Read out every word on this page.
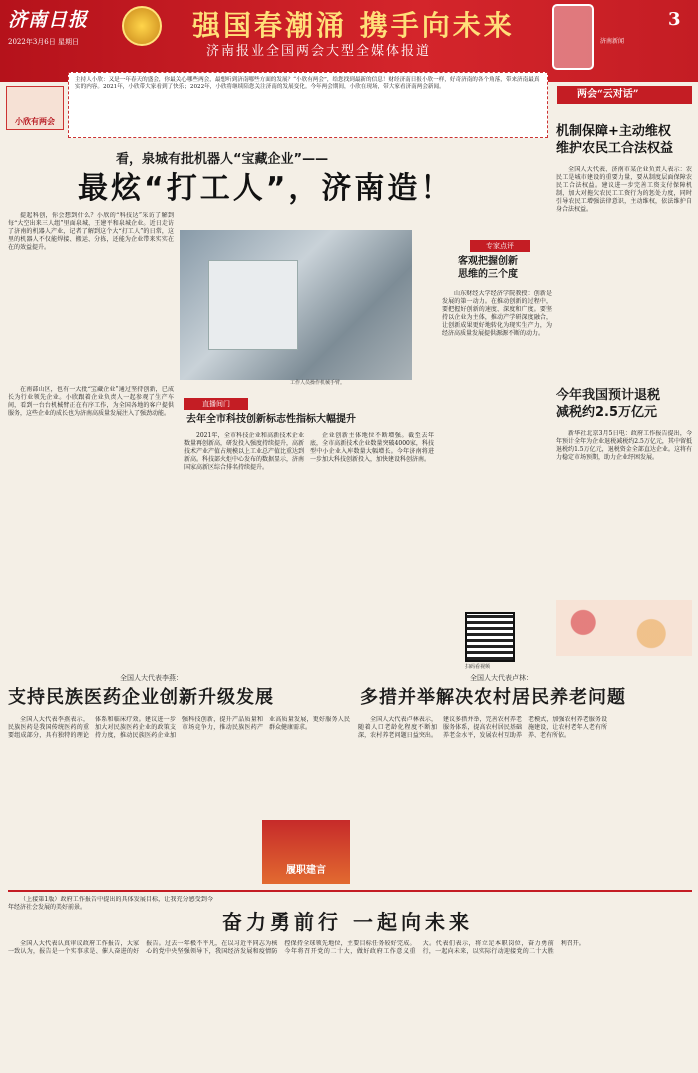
济南日报
2022年3月6日 星期日	强国春潮涌 携手向未来
济南报业全国两会大型全媒体报道
3
济南新闻
小欣有两会
主持人小欣：又是一年春天的盛会，你最关心哪些两会，最想听到济南哪些方面的发展？“小欣有两会”，给您找到最新的信息！财经济南日报小欣一样，好奇济南的各个角落，带来济南最真实的内容。2021年，小欣带大家看到了快乐；2022年，小欣将继续陪您关注济南的发展变化。今年两会期间，小欣在现场，带大家看济南两会新闻。
两会“云对话”
看，泉城有批机器人“宝藏企业”——
最炫“打工人”，济南造！
提起科创，你会想到什么？小欣的“科技达”采访了解到每“大空出来三人组”里面泉城，王建平和泉城企业。近日走访了济南的机器人产业，记者了解到这个大“打工人”的日常，这里的机器人不仅能焊接、搬运、分拣，还能为企业带来实实在在的效益提升。
在南部山区，也有一大批“宝藏企业”通过坚持创新，已成长为行业领先企业。小欣跟着企业负责人一起参观了生产车间，看到一台台机械臂正在有序工作，为全国各地的客户提供服务，这些企业的成长也为济南高质量发展注入了强劲动能。
工作人员操作机械手臂。
直播间门
去年全市科技创新标志性指标大幅提升
2021年，全市科技企业和高新技术企业数量再创新高，研发投入强度持续提升，高新技术产业产值占规模以上工业总产值比重达到新高。科技部火炬中心发布的数据显示，济南国家高新区综合排名持续提升。
企业创新主体地位不断增强。截至去年底，全市高新技术企业数量突破4000家，科技型中小企业入库数量大幅增长。今年济南将进一步加大科技创新投入，加快建设科创济南。
专家点评
客观把握创新
思维的三个度
山东财经大学经济学院教授：创新是发展的第一动力。在推动创新的过程中，要把握好创新的速度、深度和广度。要坚持以企业为主体，推动产学研深度融合，让创新成果更好地转化为现实生产力，为经济高质量发展提供源源不断的动力。
扫码看视频
机制保障+主动维权
维护农民工合法权益
全国人大代表、济南市某企业负责人表示：农民工是城市建设的重要力量，要从制度层面保障农民工合法权益。建议进一步完善工资支付保障机制，加大对拖欠农民工工资行为的惩处力度，同时引导农民工增强法律意识，主动维权，依法维护自身合法权益。
今年我国预计退税
减税约2.5万亿元
新华社北京3月5日电：政府工作报告提出，今年预计全年为企业退税减税约2.5万亿元，其中留抵退税约1.5万亿元，退税资金全部直达企业。这将有力稳定市场预期，助力企业纾困发展。
全国人大代表李燕：
支持民族医药企业创新升级发展
全国人大代表李燕表示，民族医药是我国传统医药的重要组成部分，具有独特的理论体系和临床疗效。建议进一步加大对民族医药企业的政策支持力度，推动民族医药企业加强科技创新，提升产品质量和市场竞争力，推动民族医药产业高质量发展，更好服务人民群众健康需求。
履职建言
全国人大代表卢林：
多措并举解决农村居民养老问题
全国人大代表卢林表示，随着人口老龄化程度不断加深，农村养老问题日益突出。建议多措并举，完善农村养老服务体系，提高农村居民基础养老金水平，发展农村互助养老模式，加强农村养老服务设施建设，让农村老年人老有所养、老有所依。
（上接第1版）政府工作报告中提出的具体发展目标，让我充分感受到今年经济社会发展的美好前景。
奋力勇前行 一起向未来
全国人大代表认真审议政府工作报告，大家一致认为，报告是一个实事求是、催人奋进的好报告。过去一年极不平凡，在以习近平同志为核心的党中央坚强领导下，我国经济发展和疫情防控保持全球领先地位，主要目标任务较好完成。今年将召开党的二十大，做好政府工作意义重大。代表们表示，将立足本职岗位，奋力勇前行，一起向未来，以实际行动迎接党的二十大胜利召开。
